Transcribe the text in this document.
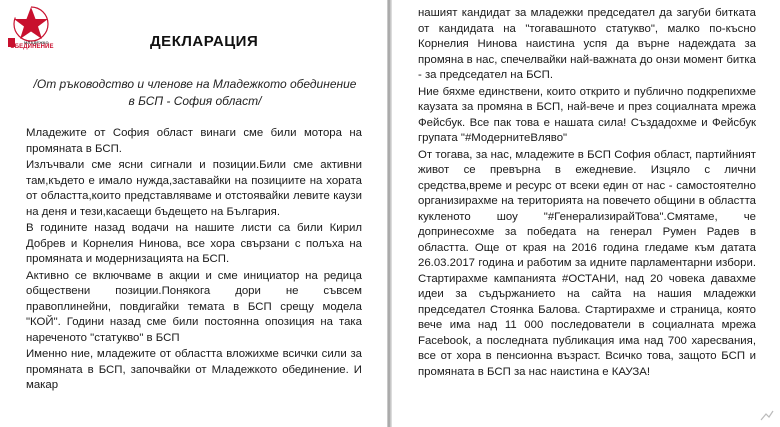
МЛАДЕЖКО
ОБЕДИНЕНИЕ	ДЕКЛАРАЦИЯ
/От ръководство и членове на Младежкото обединение в БСП - София област/

Младежите от София област винаги сме били мотора на промяната в БСП.

Излъчвали сме ясни сигнали и позиции.Били сме активни там,където е имало нужда,заставайки на позициите на хората от областта,които представляваме и отстоявайки левите каузи на деня и тези,касаещи бъдещето на България.

В годините назад водачи на нашите листи са били Кирил Добрев и Корнелия Нинова, все хора свързани с полъха на промяната и модернизацията на БСП.

Активно се включваме в акции и сме инициатор на редица обществени позиции.Понякога дори не съвсем правоплинейни, повдигайки темата в БСП срещу модела "КОЙ". Години назад сме били постоянна опозиция на така нареченото "статукво" в БСП

Именно ние, младежите от областта вложихме всички сили за промяната в БСП, започвайки от Младежкото обединение. И макар

нашият кандидат за младежки председател да загуби битката от кандидата на "тогавашното статукво", малко по-късно Корнелия Нинова наистина успя да върне надеждата за промяна в нас, спечелвайки най-важната до онзи момент битка - за председател на БСП.

Ние бяхме единствени, които открито и публично подкрепихме каузата за промяна в БСП, най-вече и през социалната мрежа Фейсбук. Все пак това е нашата сила! Създадохме и Фейсбук групата "#МодернитеВляво"

От тогава, за нас, младежите в БСП София област, партийният живот се превърна в ежедневие. Изцяло с лични средства,време и ресурс от всеки един от нас - самостоятелно организирахме на територията на повечето общини в областта кукленото шоу "#ГенерализирайТова".Смятаме, че допринесохме за победата на генерал Румен Радев в областта. Още от края на 2016 година гледаме към датата 26.03.2017 година и работим за идните парламентарни избори. Стартирахме кампанията #ОСТАНИ, над 20 човека давахме идеи за съдържанието на сайта на нашия младежки председател Стоянка Балова. Стартирахме и страница, която вече има над 11 000 последователи в социалната мрежа Facebook, а последната публикация има над 700 харесвания, все от хора в пенсионна възраст. Всичко това, защото БСП и промяната в БСП за нас наистина е КАУЗА!
